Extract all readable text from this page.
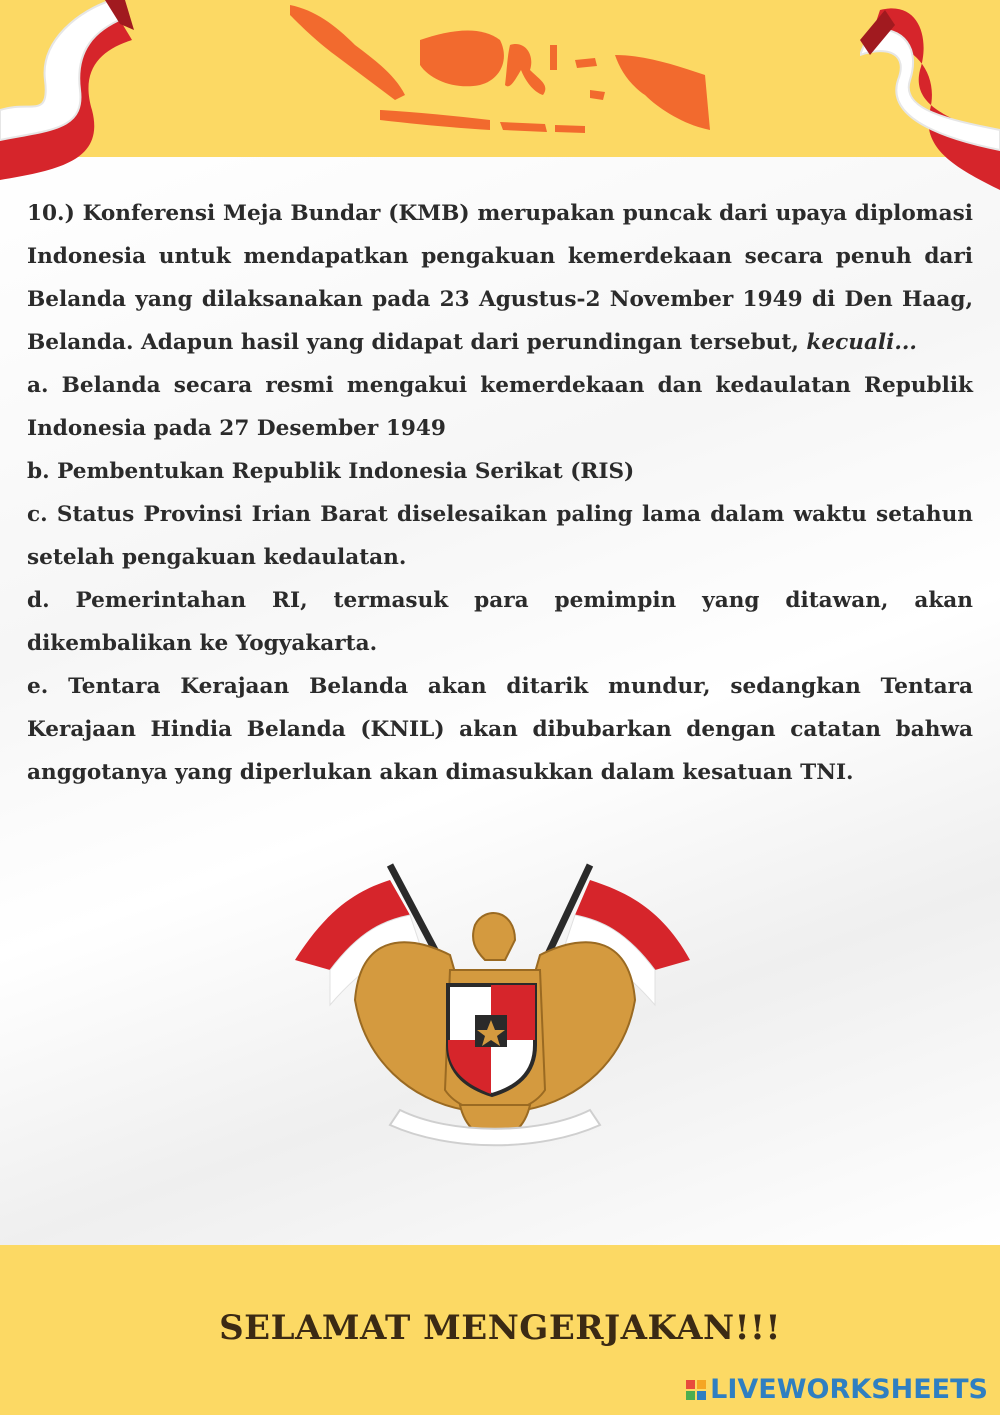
10.) Konferensi Meja Bundar (KMB) merupakan puncak dari upaya diplomasi Indonesia untuk mendapatkan pengakuan kemerdekaan secara penuh dari Belanda yang dilaksanakan pada 23 Agustus-2 November 1949 di Den Haag, Belanda. Adapun hasil yang didapat dari perundingan tersebut, kecuali...

a. Belanda secara resmi mengakui kemerdekaan dan kedaulatan Republik Indonesia pada 27 Desember 1949

b. Pembentukan Republik Indonesia Serikat (RIS)

c. Status Provinsi Irian Barat diselesaikan paling lama dalam waktu setahun setelah pengakuan kedaulatan.

d. Pemerintahan RI, termasuk para pemimpin yang ditawan, akan dikembalikan ke Yogyakarta.

e. Tentara Kerajaan Belanda akan ditarik mundur, sedangkan Tentara Kerajaan Hindia Belanda (KNIL) akan dibubarkan dengan catatan bahwa anggotanya yang diperlukan akan dimasukkan dalam kesatuan TNI.

SELAMAT MENGERJAKAN!!!
LIVEWORKSHEETS
